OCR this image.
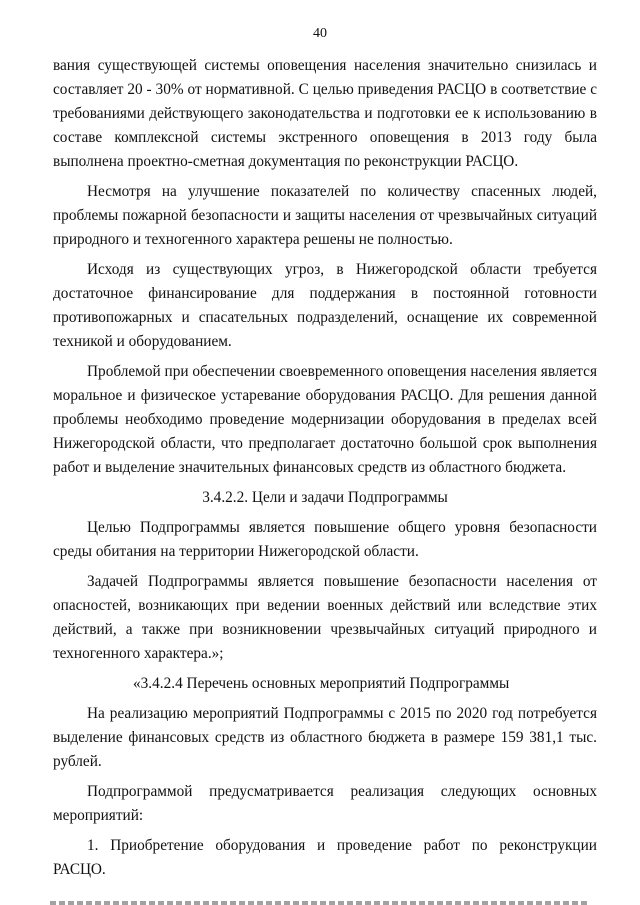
40

вания существующей системы оповещения населения значительно снизилась и составляет 20 - 30% от нормативной. С целью приведения РАСЦО в соответствие с требованиями действующего законодательства и подготовки ее к использованию в составе комплексной системы экстренного оповещения в 2013 году была выполнена проектно-сметная документация по реконструкции РАСЦО.

Несмотря на улучшение показателей по количеству спасенных людей, проблемы пожарной безопасности и защиты населения от чрезвычайных ситуаций природного и техногенного характера решены не полностью.

Исходя из существующих угроз, в Нижегородской области требуется достаточное финансирование для поддержания в постоянной готовности противопожарных и спасательных подразделений, оснащение их современной техникой и оборудованием.

Проблемой при обеспечении своевременного оповещения населения является моральное и физическое устаревание оборудования РАСЦО. Для решения данной проблемы необходимо проведение модернизации оборудования в пределах всей Нижегородской области, что предполагает достаточно большой срок выполнения работ и выделение значительных финансовых средств из областного бюджета.

3.4.2.2. Цели и задачи Подпрограммы

Целью Подпрограммы является повышение общего уровня безопасности среды обитания на территории Нижегородской области.

Задачей Подпрограммы является повышение безопасности населения от опасностей, возникающих при ведении военных действий или вследствие этих действий, а также при возникновении чрезвычайных ситуаций природного и техногенного характера.»;

«3.4.2.4 Перечень основных мероприятий Подпрограммы

На реализацию мероприятий Подпрограммы с 2015 по 2020 год потребуется выделение финансовых средств из областного бюджета в размере 159 381,1 тыс. рублей.

Подпрограммой предусматривается реализация следующих основных мероприятий:

1. Приобретение оборудования и проведение работ по реконструкции РАСЦО.
